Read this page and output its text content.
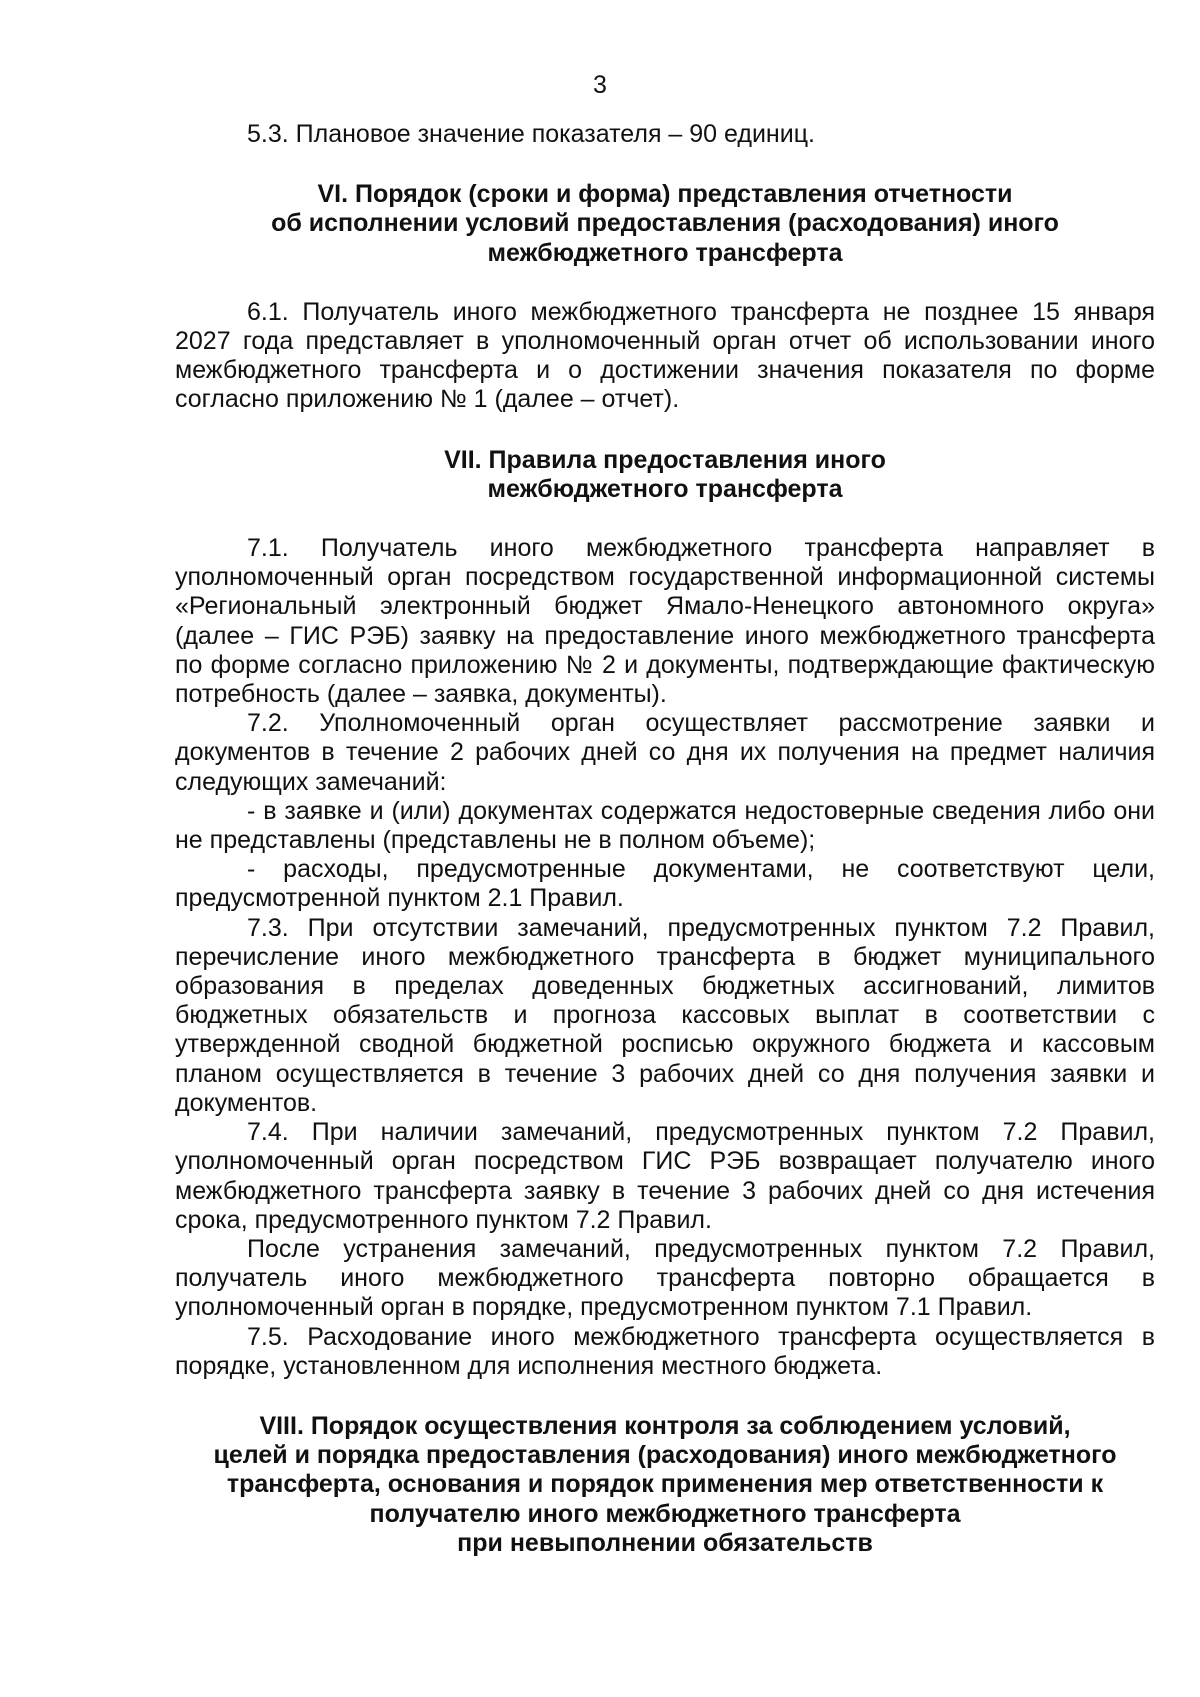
3

5.3. Плановое значение показателя – 90 единиц.

VI. Порядок (сроки и форма) представления отчетности
об исполнении условий предоставления (расходования) иного
межбюджетного трансферта

6.1. Получатель иного межбюджетного трансферта не позднее 15 января 2027 года представляет в уполномоченный орган отчет об использовании иного межбюджетного трансферта и о достижении значения показателя по форме согласно приложению № 1 (далее – отчет).

VII. Правила предоставления иного
межбюджетного трансферта

7.1. Получатель иного межбюджетного трансферта направляет в уполномоченный орган посредством государственной информационной системы «Региональный электронный бюджет Ямало-Ненецкого автономного округа» (далее – ГИС РЭБ) заявку на предоставление иного межбюджетного трансферта по форме согласно приложению № 2 и документы, подтверждающие фактическую потребность (далее – заявка, документы).

7.2. Уполномоченный орган осуществляет рассмотрение заявки и документов в течение 2 рабочих дней со дня их получения на предмет наличия следующих замечаний:

- в заявке и (или) документах содержатся недостоверные сведения либо они не представлены (представлены не в полном объеме);

- расходы, предусмотренные документами, не соответствуют цели, предусмотренной пунктом 2.1 Правил.

7.3. При отсутствии замечаний, предусмотренных пунктом 7.2 Правил, перечисление иного межбюджетного трансферта в бюджет муниципального образования в пределах доведенных бюджетных ассигнований, лимитов бюджетных обязательств и прогноза кассовых выплат в соответствии с утвержденной сводной бюджетной росписью окружного бюджета и кассовым планом осуществляется в течение 3 рабочих дней со дня получения заявки и документов.

7.4. При наличии замечаний, предусмотренных пунктом 7.2 Правил, уполномоченный орган посредством ГИС РЭБ возвращает получателю иного межбюджетного трансферта заявку в течение 3 рабочих дней со дня истечения срока, предусмотренного пунктом 7.2 Правил.

После устранения замечаний, предусмотренных пунктом 7.2 Правил, получатель иного межбюджетного трансферта повторно обращается в уполномоченный орган в порядке, предусмотренном пунктом 7.1 Правил.

7.5. Расходование иного межбюджетного трансферта осуществляется в порядке, установленном для исполнения местного бюджета.

VIII. Порядок осуществления контроля за соблюдением условий,
целей и порядка предоставления (расходования) иного межбюджетного
трансферта, основания и порядок применения мер ответственности к
получателю иного межбюджетного трансферта
при невыполнении обязательств
